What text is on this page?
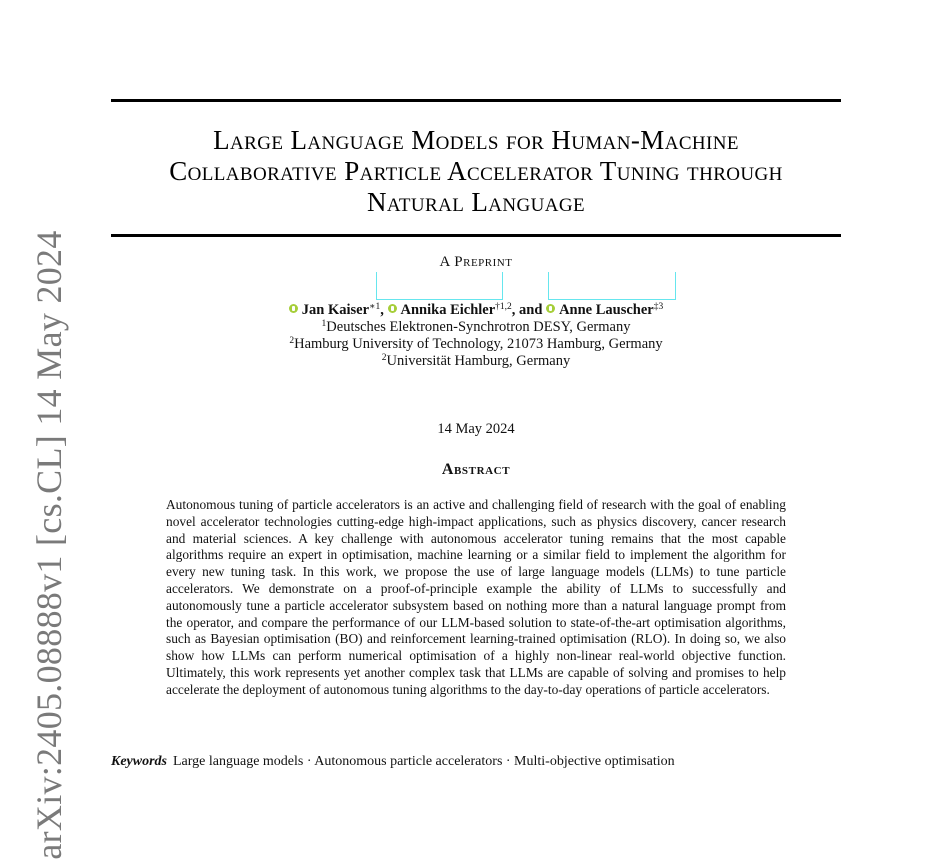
arXiv:2405.08888v1 [cs.CL] 14 May 2024
Large Language Models for Human-Machine
Collaborative Particle Accelerator Tuning through
Natural Language
A Preprint
Jan Kaiser$^{∗1}$, Annika Eichler$^{\dagger 1,2}$, and Anne Lauscher$^{\ddagger 3}$
$^1$Deutsches Elektronen-Synchrotron DESY, Germany
$^2$Hamburg University of Technology, 21073 Hamburg, Germany
$^2$Universität Hamburg, Germany
14 May 2024
Abstract
Autonomous tuning of particle accelerators is an active and challenging field of research with the goal of enabling novel accelerator technologies cutting-edge high-impact applications, such as physics discovery, cancer research and material sciences. A key challenge with autonomous accelerator tuning remains that the most capable algorithms require an expert in optimisation, machine learning or a similar field to implement the algorithm for every new tuning task. In this work, we propose the use of large language models (LLMs) to tune particle accelerators. We demonstrate on a proof-of-principle example the ability of LLMs to successfully and autonomously tune a particle accelerator subsystem based on nothing more than a natural language prompt from the operator, and compare the performance of our LLM-based solution to state-of-the-art optimisation algorithms, such as Bayesian optimisation (BO) and reinforcement learning-trained optimisation (RLO). In doing so, we also show how LLMs can perform numerical optimisation of a highly non-linear real-world objective function. Ultimately, this work represents yet another complex task that LLMs are capable of solving and promises to help accelerate the deployment of autonomous tuning algorithms to the day-to-day operations of particle accelerators.
Keywords Large language models · Autonomous particle accelerators · Multi-objective optimisation
